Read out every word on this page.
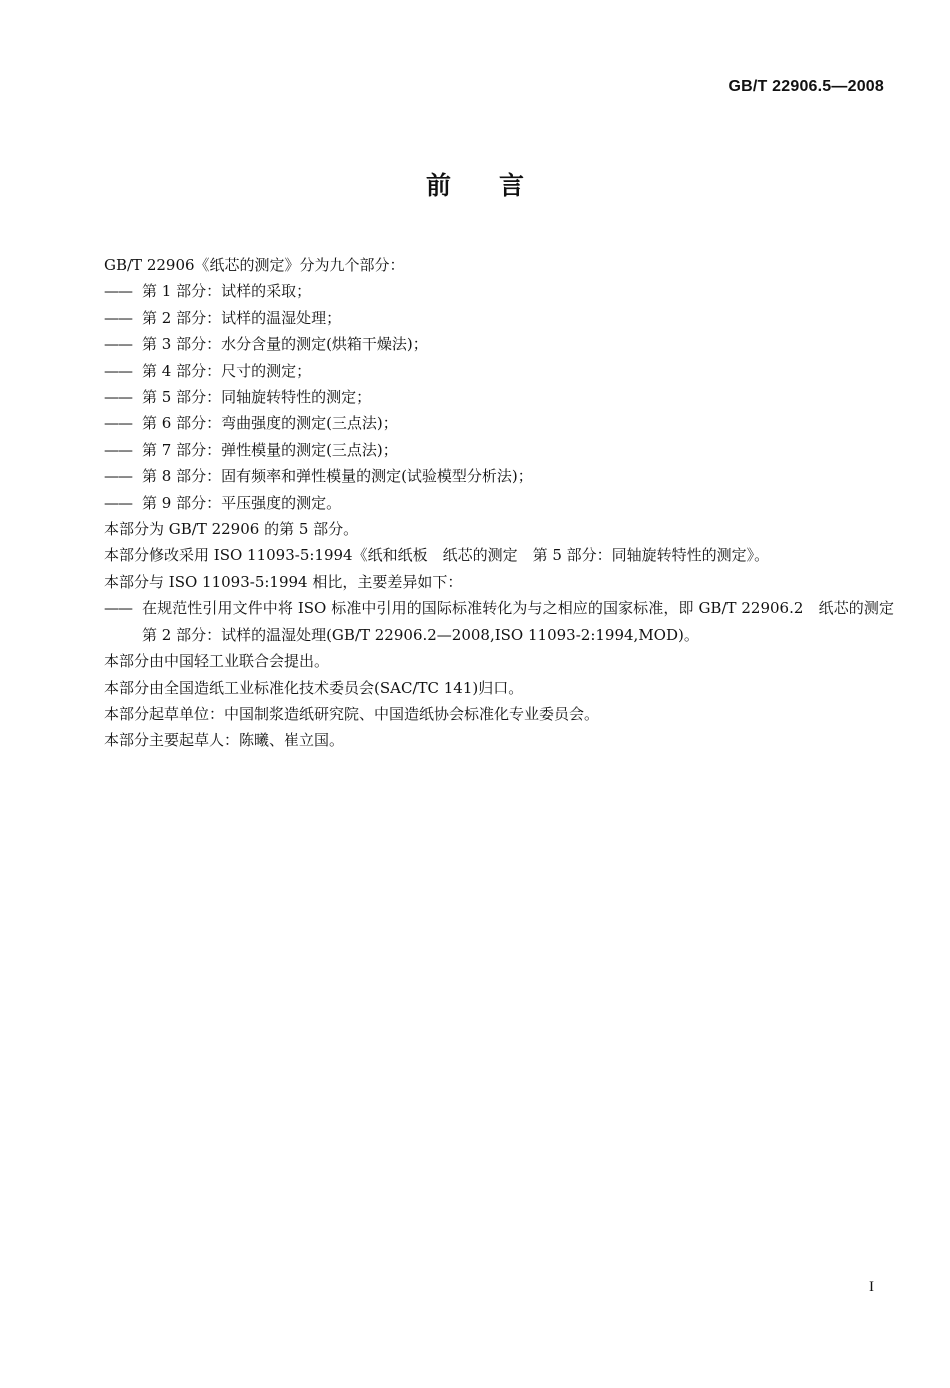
GB/T 22906.5—2008
前言

GB/T 22906《纸芯的测定》分为九个部分：

—— 第 1 部分：试样的采取；

—— 第 2 部分：试样的温湿处理；

—— 第 3 部分：水分含量的测定(烘箱干燥法)；

—— 第 4 部分：尺寸的测定；

—— 第 5 部分：同轴旋转特性的测定；

—— 第 6 部分：弯曲强度的测定(三点法)；

—— 第 7 部分：弹性模量的测定(三点法)；

—— 第 8 部分：固有频率和弹性模量的测定(试验模型分析法)；

—— 第 9 部分：平压强度的测定。

本部分为 GB/T 22906 的第 5 部分。

本部分修改采用 ISO 11093-5:1994《纸和纸板　纸芯的测定　第 5 部分：同轴旋转特性的测定》。

本部分与 ISO 11093-5:1994 相比，主要差异如下：

—— 在规范性引用文件中将 ISO 标准中引用的国际标准转化为与之相应的国家标准，即 GB/T 22906.2　纸芯的测定　第 2 部分：试样的温湿处理(GB/T 22906.2—2008,ISO 11093-2:1994,MOD)。

本部分由中国轻工业联合会提出。

本部分由全国造纸工业标准化技术委员会(SAC/TC 141)归口。

本部分起草单位：中国制浆造纸研究院、中国造纸协会标准化专业委员会。

本部分主要起草人：陈曦、崔立国。

I
